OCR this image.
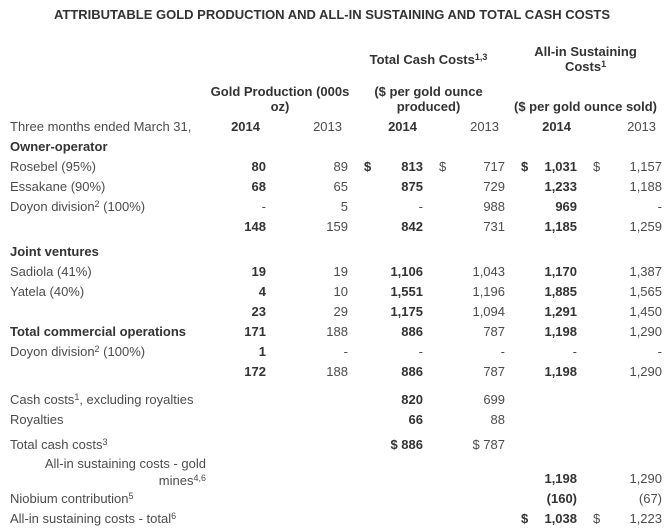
ATTRIBUTABLE GOLD PRODUCTION AND ALL-IN SUSTAINING AND TOTAL CASH COSTS
			Total Cash Costs$^{1,3}$		All-in Sustaining
Costs$^1$
	Gold Production (000s
oz)		($ per gold ounce
produced)		($ per gold ounce sold)	
Three months ended March 31,	2014	2013	2014	2013	2014	2013
Owner-operator						
Rosebel (95%)	80	89	$ 813	$ 717	$ 1,031	$ 1,157
Essakane (90%)	68	65	875	729	1,233	1,188
Doyon division$^2$ (100%)	-	5	-	988	969	-
	148	159	842	731	1,185	1,259
Joint ventures						
Sadiola (41%)	19	19	1,106	1,043	1,170	1,387
Yatela (40%)	4	10	1,551	1,196	1,885	1,565
	23	29	1,175	1,094	1,291	1,450
Total commercial operations	171	188	886	787	1,198	1,290
Doyon division$^2$ (100%)	1	-	-	-	-	-
	172	188	886	787	1,198	1,290
Cash costs$^1$, excluding royalties			820	699		
Royalties			66	88		
Total cash costs$^3$			$ 886	$ 787		
All-in sustaining costs - gold
mines$^{4,6}$					1,198	1,290
Niobium contribution$^5$					(160)	(67)
All-in sustaining costs - total$^6$					$ 1,038	$ 1,223
